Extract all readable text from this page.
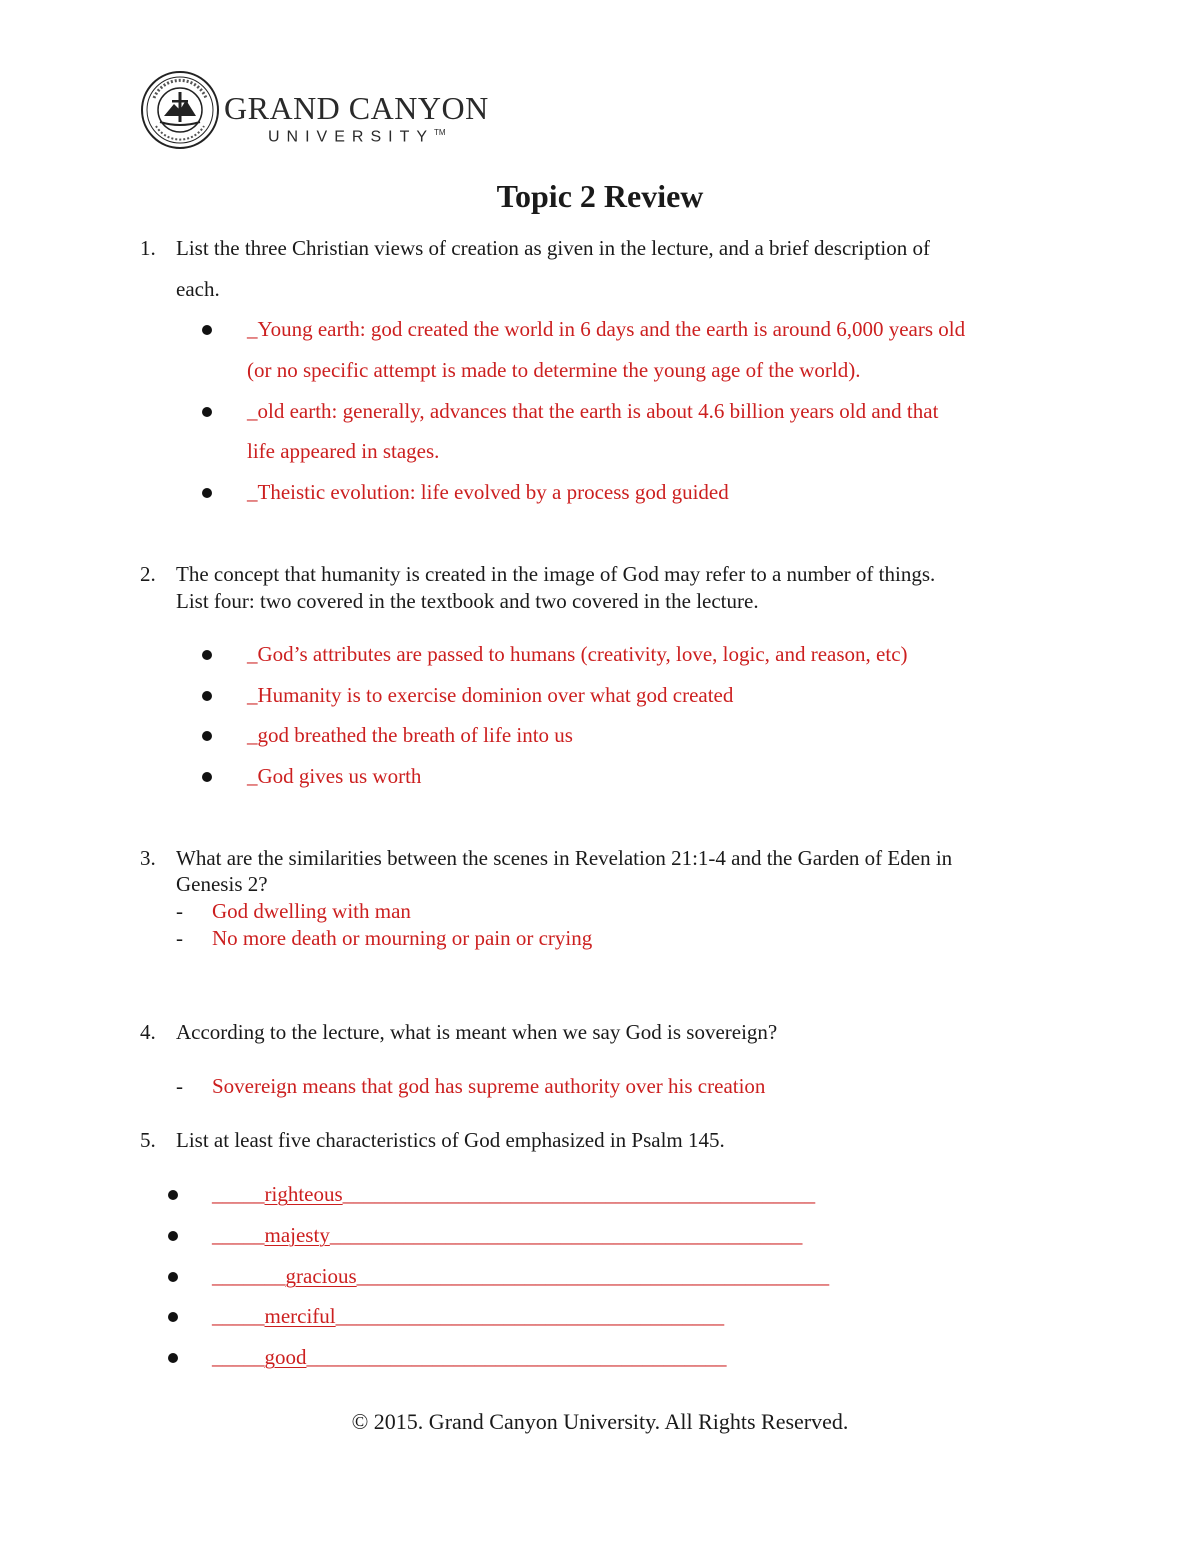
GRAND CANYON
UNIVERSITY™
Topic 2 Review
1. List the three Christian views of creation as given in the lecture, and a brief description of
each.
_Young earth: god created the world in 6 days and the earth is around 6,000 years old
(or no specific attempt is made to determine the young age of the world).
_old earth: generally, advances that the earth is about 4.6 billion years old and that
life appeared in stages.
_Theistic evolution: life evolved by a process god guided
2. The concept that humanity is created in the image of God may refer to a number of things.
List four: two covered in the textbook and two covered in the lecture.
_God’s attributes are passed to humans (creativity, love, logic, and reason, etc)
_Humanity is to exercise dominion over what god created
_god breathed the breath of life into us
_God gives us worth
3. What are the similarities between the scenes in Revelation 21:1-4 and the Garden of Eden in
Genesis 2?
- God dwelling with man
- No more death or mourning or pain or crying
4. According to the lecture, what is meant when we say God is sovereign?
- Sovereign means that god has supreme authority over his creation
5. List at least five characteristics of God emphasized in Psalm 145.
_____righteous_____________________________________________
_____majesty_____________________________________________
_______gracious_____________________________________________
_____merciful_____________________________________
_____good________________________________________
© 2015. Grand Canyon University. All Rights Reserved.
